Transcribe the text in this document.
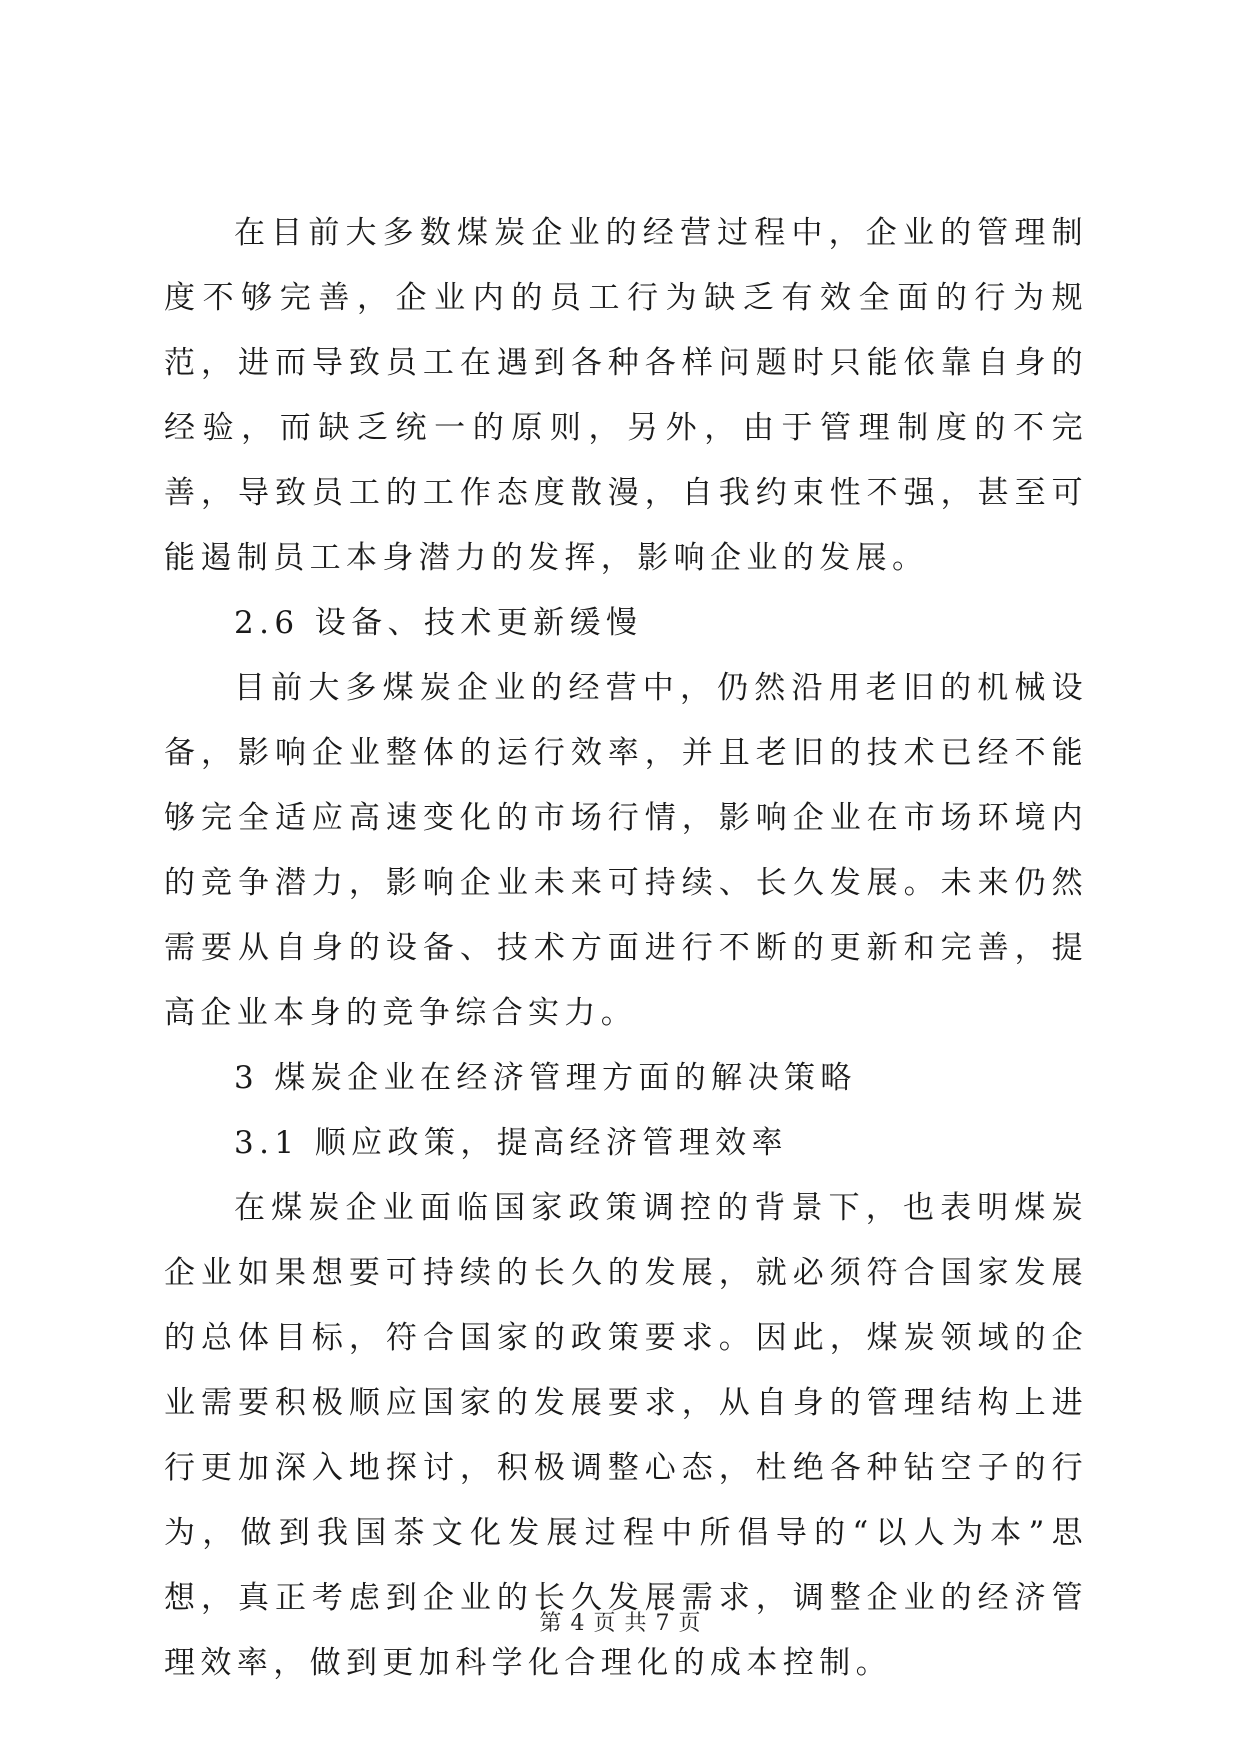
在目前大多数煤炭企业的经营过程中，企业的管理制度不够完善，企业内的员工行为缺乏有效全面的行为规范，进而导致员工在遇到各种各样问题时只能依靠自身的经验，而缺乏统一的原则，另外，由于管理制度的不完善，导致员工的工作态度散漫，自我约束性不强，甚至可能遏制员工本身潜力的发挥，影响企业的发展。

2.6 设备、技术更新缓慢

目前大多煤炭企业的经营中，仍然沿用老旧的机械设备，影响企业整体的运行效率，并且老旧的技术已经不能够完全适应高速变化的市场行情，影响企业在市场环境内的竞争潜力，影响企业未来可持续、长久发展。未来仍然需要从自身的设备、技术方面进行不断的更新和完善，提高企业本身的竞争综合实力。

3 煤炭企业在经济管理方面的解决策略

3.1 顺应政策，提高经济管理效率

在煤炭企业面临国家政策调控的背景下，也表明煤炭企业如果想要可持续的长久的发展，就必须符合国家发展的总体目标，符合国家的政策要求。因此，煤炭领域的企业需要积极顺应国家的发展要求，从自身的管理结构上进行更加深入地探讨，积极调整心态，杜绝各种钻空子的行为，做到我国茶文化发展过程中所倡导的“以人为本”思想，真正考虑到企业的长久发展需求，调整企业的经济管理效率，做到更加科学化合理化的成本控制。

第 4 页 共 7 页
